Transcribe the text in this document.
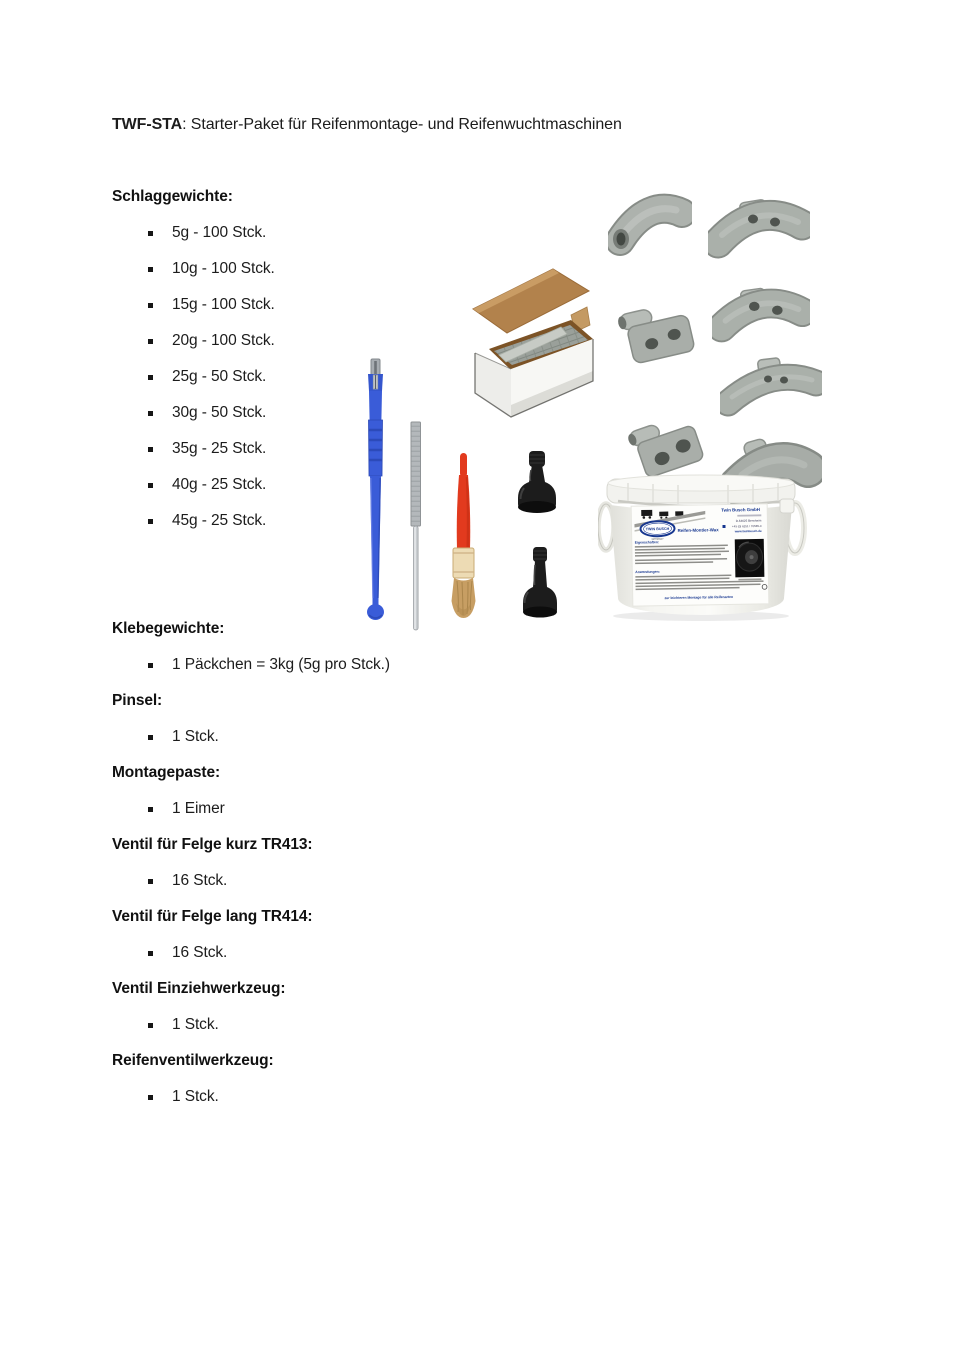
TWF-STA: Starter-Paket für Reifenmontage- und Reifenwuchtmaschinen
Schlaggewichte:
5g - 100 Stck.
10g - 100 Stck.
15g - 100 Stck.
20g - 100 Stck.
25g - 50 Stck.
30g - 50 Stck.
35g - 25 Stck.
40g - 25 Stck.
45g - 25 Stck.
Klebegewichte:
1 Päckchen = 3kg (5g pro Stck.)
Pinsel:
1 Stck.
Montagepaste:
1 Eimer
Ventil für Felge kurz TR413:
16 Stck.
Ventil für Felge lang TR414:
16 Stck.
Ventil Einziehwerkzeug:
1 Stck.
Reifenventilwerkzeug:
1 Stck.
TWIN BUSCH
GERMANY
Reifen-Montier-Wax
Twin Busch GmbH
D-64625 Bensheim
+49 (0) 6251 / 70585-0
www.twinbusch.de
Eigenschaften:
Anwendungen:
zur leichteren Montage für alle Reifenarten
